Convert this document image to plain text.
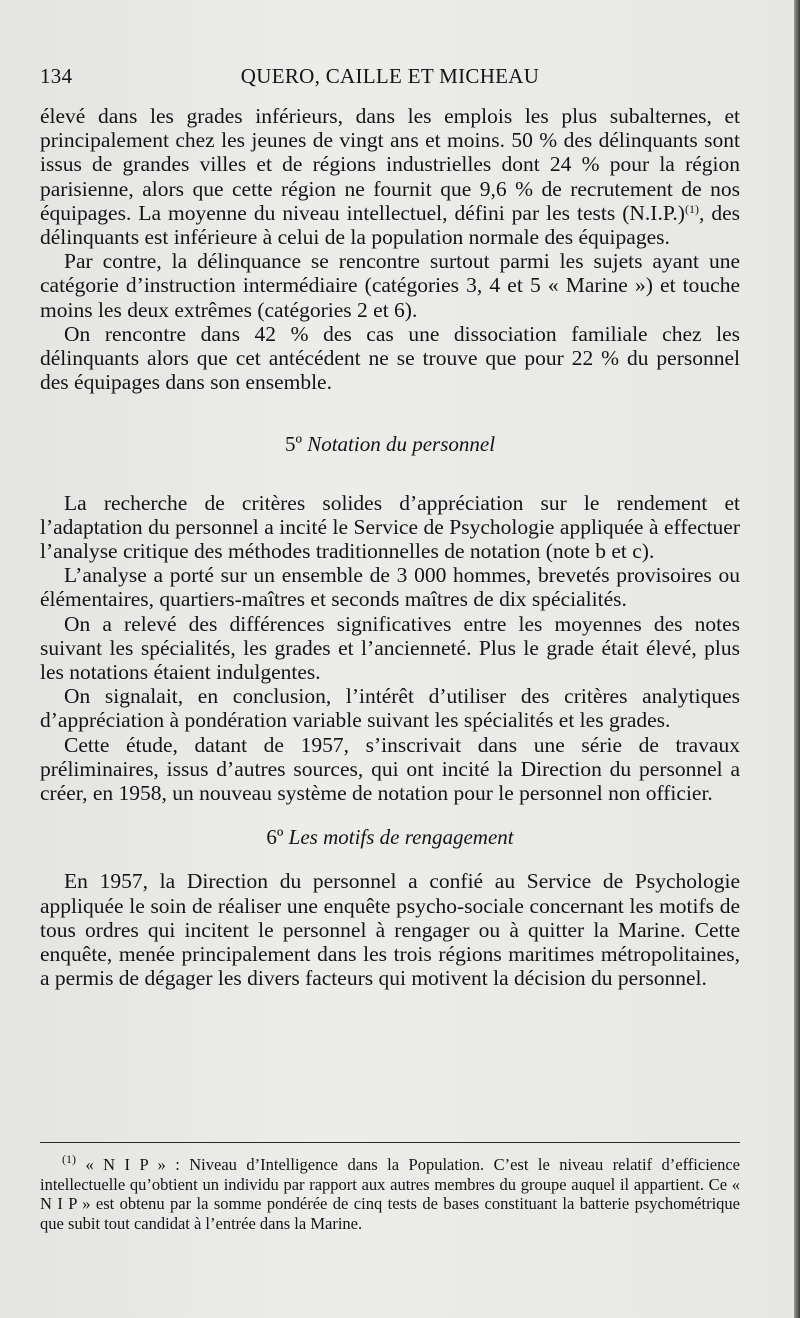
134	QUERO, CAILLE ET MICHEAU

élevé dans les grades inférieurs, dans les emplois les plus subalternes, et principalement chez les jeunes de vingt ans et moins. 50 % des délinquants sont issus de grandes villes et de régions industrielles dont 24 % pour la région parisienne, alors que cette région ne fournit que 9,6 % de recrutement de nos équipages. La moyenne du niveau intellectuel, défini par les tests $(N.I.P.)^{(1)}$, des délinquants est inférieure à celui de la population normale des équipages.

Par contre, la délinquance se rencontre surtout parmi les sujets ayant une catégorie d’instruction intermédiaire (catégories 3, 4 et 5 « Marine ») et touche moins les deux extrêmes (catégories 2 et 6).

On rencontre dans 42 % des cas une dissociation familiale chez les délinquants alors que cet antécédent ne se trouve que pour 22 % du personnel des équipages dans son ensemble.

5º Notation du personnel

La recherche de critères solides d’appréciation sur le rendement et l’adaptation du personnel a incité le Service de Psychologie appliquée à effectuer l’analyse critique des méthodes traditionnelles de notation (note b et c).

L’analyse a porté sur un ensemble de 3 000 hommes, brevetés provisoires ou élémentaires, quartiers-maîtres et seconds maîtres de dix spécialités.

On a relevé des différences significatives entre les moyennes des notes suivant les spécialités, les grades et l’ancienneté. Plus le grade était élevé, plus les notations étaient indulgentes.

On signalait, en conclusion, l’intérêt d’utiliser des critères analytiques d’appréciation à pondération variable suivant les spécialités et les grades.

Cette étude, datant de 1957, s’inscrivait dans une série de travaux préliminaires, issus d’autres sources, qui ont incité la Direction du personnel a créer, en 1958, un nouveau système de notation pour le personnel non officier.

6º Les motifs de rengagement

En 1957, la Direction du personnel a confié au Service de Psychologie appliquée le soin de réaliser une enquête psycho-sociale concernant les motifs de tous ordres qui incitent le personnel à rengager ou à quitter la Marine. Cette enquête, menée principalement dans les trois régions maritimes métropolitaines, a permis de dégager les divers facteurs qui motivent la décision du personnel.

$^{(1)}$ « N I P » : Niveau d’Intelligence dans la Population. C’est le niveau relatif d’efficience intellectuelle qu’obtient un individu par rapport aux autres membres du groupe auquel il appartient. Ce « N I P » est obtenu par la somme pondérée de cinq tests de bases constituant la batterie psychométrique que subit tout candidat à l’entrée dans la Marine.
